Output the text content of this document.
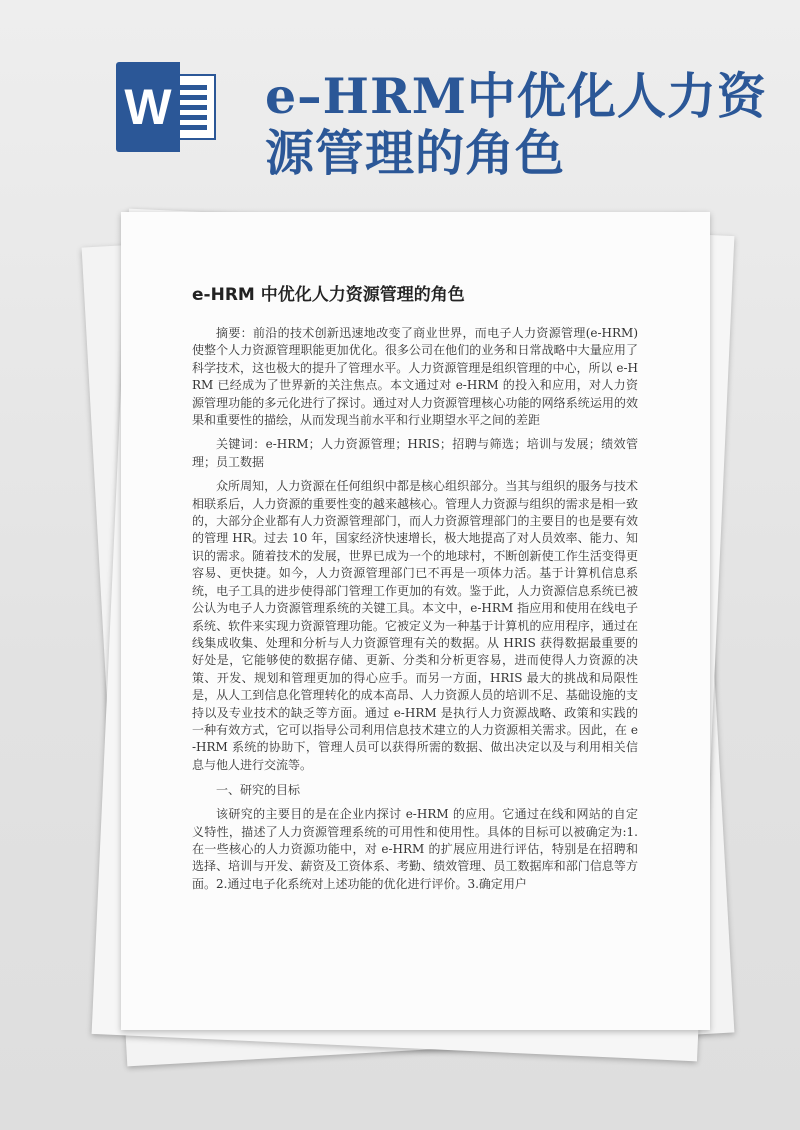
W e–HRM中优化人力资源管理的角色
e-HRM 中优化人力资源管理的角色

摘要：前沿的技术创新迅速地改变了商业世界，而电子人力资源管理(e-HRM)使整个人力资源管理职能更加优化。很多公司在他们的业务和日常战略中大量应用了科学技术，这也极大的提升了管理水平。人力资源管理是组织管理的中心，所以 e-HRM 已经成为了世界新的关注焦点。本文通过对 e-HRM 的投入和应用，对人力资源管理功能的多元化进行了探讨。通过对人力资源管理核心功能的网络系统运用的效果和重要性的描绘，从而发现当前水平和行业期望水平之间的差距

关键词：e-HRM；人力资源管理；HRIS；招聘与筛选；培训与发展；绩效管理；员工数据

众所周知，人力资源在任何组织中都是核心组织部分。当其与组织的服务与技术相联系后，人力资源的重要性变的越来越核心。管理人力资源与组织的需求是相一致的，大部分企业都有人力资源管理部门，而人力资源管理部门的主要目的也是要有效的管理 HR。过去 10 年，国家经济快速增长，极大地提高了对人员效率、能力、知识的需求。随着技术的发展，世界已成为一个的地球村，不断创新使工作生活变得更容易、更快捷。如今，人力资源管理部门已不再是一项体力活。基于计算机信息系统，电子工具的进步使得部门管理工作更加的有效。鉴于此，人力资源信息系统已被公认为电子人力资源管理系统的关键工具。本文中，e-HRM 指应用和使用在线电子系统、软件来实现力资源管理功能。它被定义为一种基于计算机的应用程序，通过在线集成收集、处理和分析与人力资源管理有关的数据。从 HRIS 获得数据最重要的好处是，它能够使的数据存储、更新、分类和分析更容易，进而使得人力资源的决策、开发、规划和管理更加的得心应手。而另一方面，HRIS 最大的挑战和局限性是，从人工到信息化管理转化的成本高昂、人力资源人员的培训不足、基础设施的支持以及专业技术的缺乏等方面。通过 e-HRM 是执行人力资源战略、政策和实践的一种有效方式，它可以指导公司利用信息技术建立的人力资源相关需求。因此，在 e-HRM 系统的协助下，管理人员可以获得所需的数据、做出决定以及与利用相关信息与他人进行交流等。

一、研究的目标

该研究的主要目的是在企业内探讨 e-HRM 的应用。它通过在线和网站的自定义特性，描述了人力资源管理系统的可用性和使用性。具体的目标可以被确定为:1.在一些核心的人力资源功能中，对 e-HRM 的扩展应用进行评估，特别是在招聘和选择、培训与开发、薪资及工资体系、考勤、绩效管理、员工数据库和部门信息等方面。2.通过电子化系统对上述功能的优化进行评价。3.确定用户
